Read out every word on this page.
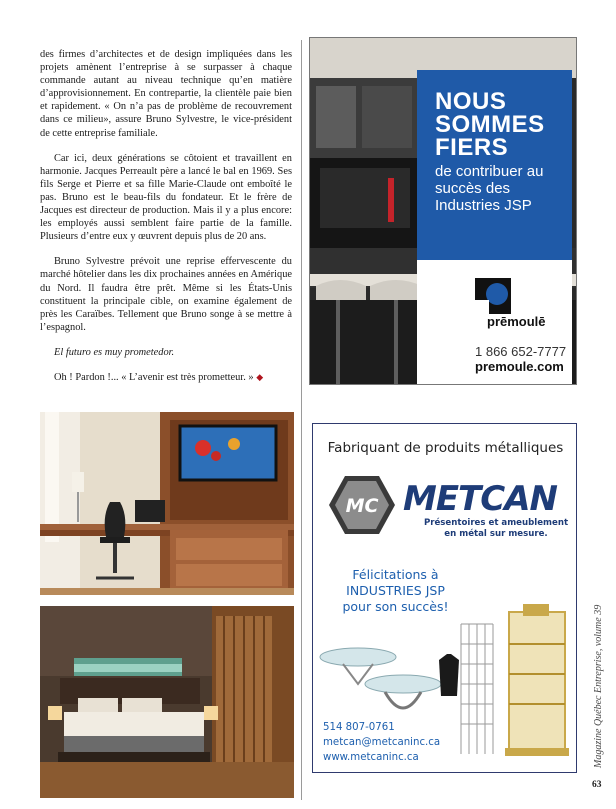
des firmes d’architectes et de design impliquées dans les projets amènent l’entreprise à se surpasser à chaque commande autant au niveau technique qu’en matière d’approvisionnement. En contrepartie, la clientèle paie bien et rapidement. « On n’a pas de problème de recouvrement dans ce milieu», assure Bruno Sylvestre, le vice-président de cette entreprise familiale.

Car ici, deux générations se côtoient et travaillent en harmonie. Jacques Perreault père a lancé le bal en 1969. Ses fils Serge et Pierre et sa fille Marie-Claude ont emboîté le pas. Bruno est le beau-fils du fondateur. Et le frère de Jacques est directeur de production. Mais il y a plus encore: les employés aussi semblent faire partie de la famille. Plusieurs d’entre eux y œuvrent depuis plus de 20 ans.

Bruno Sylvestre prévoit une reprise effervescente du marché hôtelier dans les dix prochaines années en Amérique du Nord. Il faudra être prêt. Même si les États-Unis constituent la principale cible, on examine également de près les Caraïbes. Tellement que Bruno songe à se mettre à l’espagnol.

El futuro es muy prometedor.

Oh ! Pardon !... « L’avenir est très prometteur. » ◆

NOUS
SOMMES
FIERS
de contribuer au succès des Industries JSP
prēmoulē
1 866 652-7777
premoule.com
Fabriquant de produits métalliques
MC METCAN
Présentoires et ameublement en métal sur mesure.
Félicitations à INDUSTRIES JSP pour son succès!
514 807-0761
metcan@metcaninc.ca
www.metcaninc.ca	Magazine Québec Entreprise, volume 39
63
